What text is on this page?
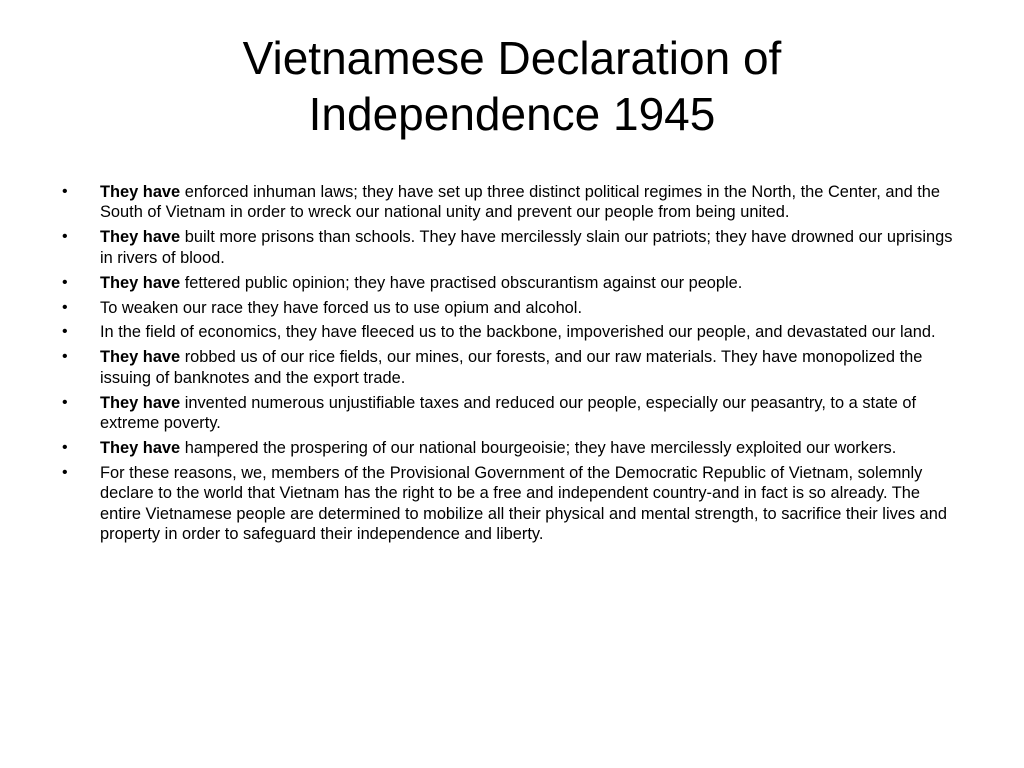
Vietnamese Declaration of
Independence 1945
•	They have enforced inhuman laws; they have set up three distinct political regimes in the North, the Center, and the South of Vietnam in order to wreck our national unity and prevent our people from being united.
•	They have built more prisons than schools. They have mercilessly slain our patriots; they have drowned our uprisings in rivers of blood.
•	They have fettered public opinion; they have practised obscurantism against our people.
•	To weaken our race they have forced us to use opium and alcohol.
•	In the field of economics, they have fleeced us to the backbone, impoverished our people, and devastated our land.
•	They have robbed us of our rice fields, our mines, our forests, and our raw materials. They have monopolized the issuing of banknotes and the export trade.
•	They have invented numerous unjustifiable taxes and reduced our people, especially our peasantry, to a state of extreme poverty.
•	They have hampered the prospering of our national bourgeoisie; they have mercilessly exploited our workers.
•	For these reasons, we, members of the Provisional Government of the Democratic Republic of Vietnam, solemnly declare to the world that Vietnam has the right to be a free and independent country-and in fact is so already. The entire Vietnamese people are determined to mobilize all their physical and mental strength, to sacrifice their lives and property in order to safeguard their independence and liberty.
